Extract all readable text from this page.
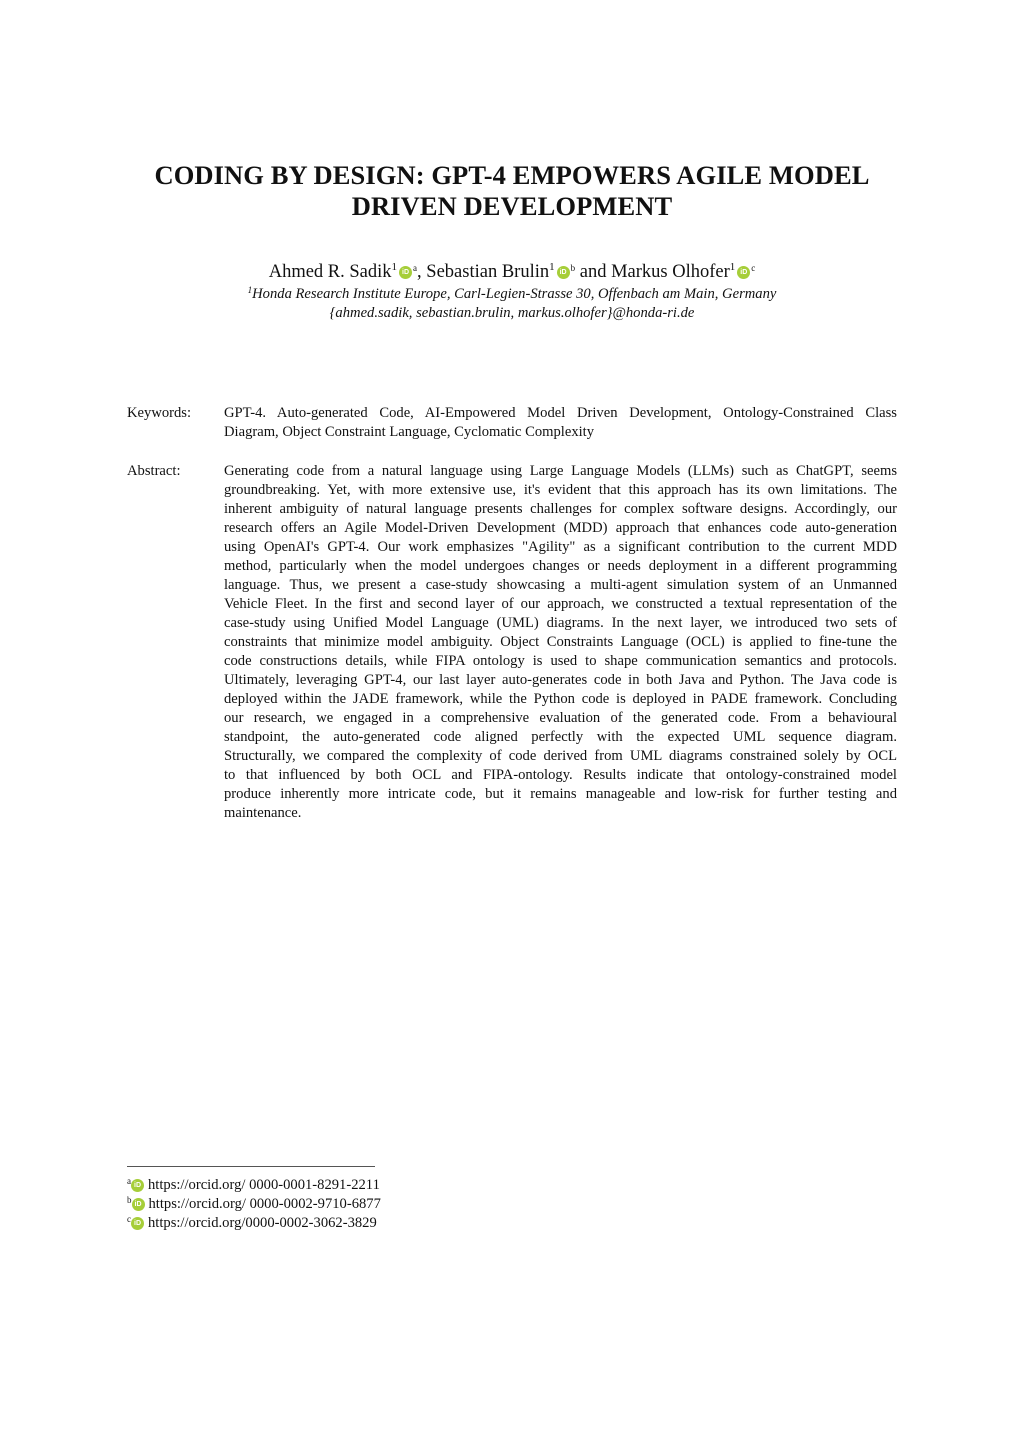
CODING BY DESIGN: GPT-4 EMPOWERS AGILE MODEL
DRIVEN DEVELOPMENT
Ahmed R. Sadik$^1$ iD $^a$, Sebastian Brulin$^1$ iD $^b$ and Markus Olhofer$^1$ iD $^c$
$^1$Honda Research Institute Europe, Carl-Legien-Strasse 30, Offenbach am Main, Germany
{ahmed.sadik, sebastian.brulin, markus.olhofer}@honda-ri.de
Keywords: GPT-4. Auto-generated Code, AI-Empowered Model Driven Development, Ontology-Constrained Class
Diagram, Object Constraint Language, Cyclomatic Complexity
Abstract:	Generating code from a natural language using Large Language Models (LLMs) such as ChatGPT, seems
groundbreaking. Yet, with more extensive use, it's evident that this approach has its own limitations. The
inherent ambiguity of natural language presents challenges for complex software designs. Accordingly, our
research offers an Agile Model-Driven Development (MDD) approach that enhances code auto-generation
using OpenAI's GPT-4. Our work emphasizes "Agility" as a significant contribution to the current MDD
method, particularly when the model undergoes changes or needs deployment in a different programming
language. Thus, we present a case-study showcasing a multi-agent simulation system of an Unmanned
Vehicle Fleet. In the first and second layer of our approach, we constructed a textual representation of the
case-study using Unified Model Language (UML) diagrams. In the next layer, we introduced two sets of
constraints that minimize model ambiguity. Object Constraints Language (OCL) is applied to fine-tune the
code constructions details, while FIPA ontology is used to shape communication semantics and protocols.
Ultimately, leveraging GPT-4, our last layer auto-generates code in both Java and Python. The Java code is
deployed within the JADE framework, while the Python code is deployed in PADE framework. Concluding
our research, we engaged in a comprehensive evaluation of the generated code. From a behavioural
standpoint, the auto-generated code aligned perfectly with the expected UML sequence diagram.
Structurally, we compared the complexity of code derived from UML diagrams constrained solely by OCL
to that influenced by both OCL and FIPA-ontology. Results indicate that ontology-constrained model
produce inherently more intricate code, but it remains manageable and low-risk for further testing and
maintenance.
$^a$ iD https://orcid.org/ 0000-0001-8291-2211
$^b$ iD https://orcid.org/ 0000-0002-9710-6877
$^c$ iD https://orcid.org/0000-0002-3062-3829
